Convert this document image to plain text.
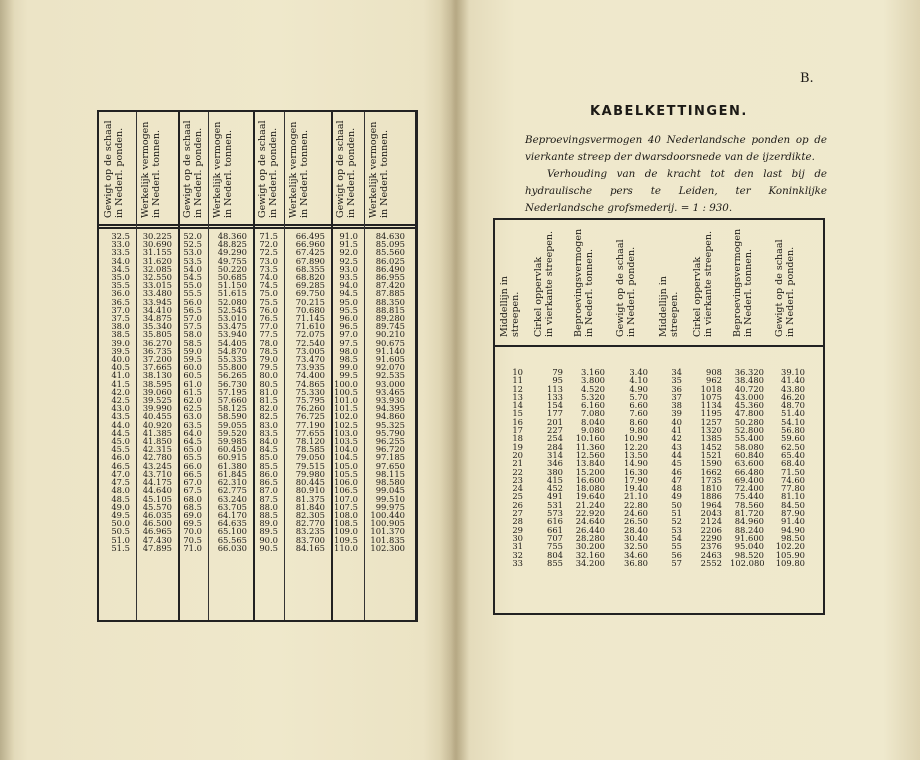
Gewigt op de schaal
in Nederl. ponden.
32.5
33.0
33.5
34.0
34.5
35.0
35.5
36.0
36.5
37.0
37.5
38.0
38.5
39.0
39.5
40.0
40.5
41.0
41.5
42.0
42.5
43.0
43.5
44.0
44.5
45.0
45.5
46.0
46.5
47.0
47.5
48.0
48.5
49.0
49.5
50.0
50.5
51.0
51.5
Werkelijk vermogen
in Nederl. tonnen.
30.225
30.690
31.155
31.620
32.085
32.550
33.015
33.480
33.945
34.410
34.875
35.340
35.805
36.270
36.735
37.200
37.665
38.130
38.595
39.060
39.525
39.990
40.455
40.920
41.385
41.850
42.315
42.780
43.245
43.710
44.175
44.640
45.105
45.570
46.035
46.500
46.965
47.430
47.895
Gewigt op de schaal
in Nederl. ponden.
52.0
52.5
53.0
53.5
54.0
54.5
55.0
55.5
56.0
56.5
57.0
57.5
58.0
58.5
59.0
59.5
60.0
60.5
61.0
61.5
62.0
62.5
63.0
63.5
64.0
64.5
65.0
65.5
66.0
66.5
67.0
67.5
68.0
68.5
69.0
69.5
70.0
70.5
71.0
Werkelijk vermogen
in Nederl. tonnen.
48.360
48.825
49.290
49.755
50.220
50.685
51.150
51.615
52.080
52.545
53.010
53.475
53.940
54.405
54.870
55.335
55.800
56.265
56.730
57.195
57.660
58.125
58.590
59.055
59.520
59.985
60.450
60.915
61.380
61.845
62.310
62.775
63.240
63.705
64.170
64.635
65.100
65.565
66.030
Gewigt op de schaal
in Nederl. ponden.
71.5
72.0
72.5
73.0
73.5
74.0
74.5
75.0
75.5
76.0
76.5
77.0
77.5
78.0
78.5
79.0
79.5
80.0
80.5
81.0
81.5
82.0
82.5
83.0
83.5
84.0
84.5
85.0
85.5
86.0
86.5
87.0
87.5
88.0
88.5
89.0
89.5
90.0
90.5
Werkelijk vermogen
in Nederl. tonnen.
66.495
66.960
67.425
67.890
68.355
68.820
69.285
69.750
70.215
70.680
71.145
71.610
72.075
72.540
73.005
73.470
73.935
74.400
74.865
75.330
75.795
76.260
76.725
77.190
77.655
78.120
78.585
79.050
79.515
79.980
80.445
80.910
81.375
81.840
82.305
82.770
83.235
83.700
84.165
Gewigt op de schaal
in Nederl. ponden.
91.0
91.5
92.0
92.5
93.0
93.5
94.0
94.5
95.0
95.5
96.0
96.5
97.0
97.5
98.0
98.5
99.0
99.5
100.0
100.5
101.0
101.5
102.0
102.5
103.0
103.5
104.0
104.5
105.0
105.5
106.0
106.5
107.0
107.5
108.0
108.5
109.0
109.5
110.0
Werkelijk vermogen
in Nederl. tonnen.
84.630
85.095
85.560
86.025
86.490
86.955
87.420
87.885
88.350
88.815
89.280
89.745
90.210
90.675
91.140
91.605
92.070
92.535
93.000
93.465
93.930
94.395
94.860
95.325
95.790
96.255
96.720
97.185
97.650
98.115
98.580
99.045
99.510
99.975
100.440
100.905
101.370
101.835
102.300
B.
KABELKETTINGEN.

Beproevingsvermogen 40 Nederlandsche ponden op de vierkante streep der dwarsdoorsnede van de ijzerdikte.

Verhouding van de kracht tot den last bij de hydraulische pers te Leiden, ter Koninklijke Nederlandsche grofsmederij. = 1 : 930.

Middellijn in streepen.
10
11
12
13
14
15
16
17
18
19
20
21
22
23
24
25
26
27
28
29
30
31
32
33
Cirkel oppervlak
in vierkante streepen.
79
95
113
133
154
177
201
227
254
284
314
346
380
415
452
491
531
573
616
661
707
755
804
855
Beproevingsvermogen
in Nederl. tonnen.
3.160
3.800
4.520
5.320
6.160
7.080
8.040
9.080
10.160
11.360
12.560
13.840
15.200
16.600
18.080
19.640
21.240
22.920
24.640
26.440
28.280
30.200
32.160
34.200
Gewigt op de schaal
in Nederl. ponden.
3.40
4.10
4.90
5.70
6.60
7.60
8.60
9.80
10.90
12.20
13.50
14.90
16.30
17.90
19.40
21.10
22.80
24.60
26.50
28.40
30.40
32.50
34.60
36.80
Middellijn in streepen.
34
35
36
37
38
39
40
41
42
43
44
45
46
47
48
49
50
51
52
53
54
55
56
57
Cirkel oppervlak
in vierkante streepen.
908
962
1018
1075
1134
1195
1257
1320
1385
1452
1521
1590
1662
1735
1810
1886
1964
2043
2124
2206
2290
2376
2463
2552
Beproevingsvermogen
in Nederl. tonnen.
36.320
38.480
40.720
43.000
45.360
47.800
50.280
52.800
55.400
58.080
60.840
63.600
66.480
69.400
72.400
75.440
78.560
81.720
84.960
88.240
91.600
95.040
98.520
102.080
Gewigt op de schaal
in Nederl. ponden.
39.10
41.40
43.80
46.20
48.70
51.40
54.10
56.80
59.60
62.50
65.40
68.40
71.50
74.60
77.80
81.10
84.50
87.90
91.40
94.90
98.50
102.20
105.90
109.80
